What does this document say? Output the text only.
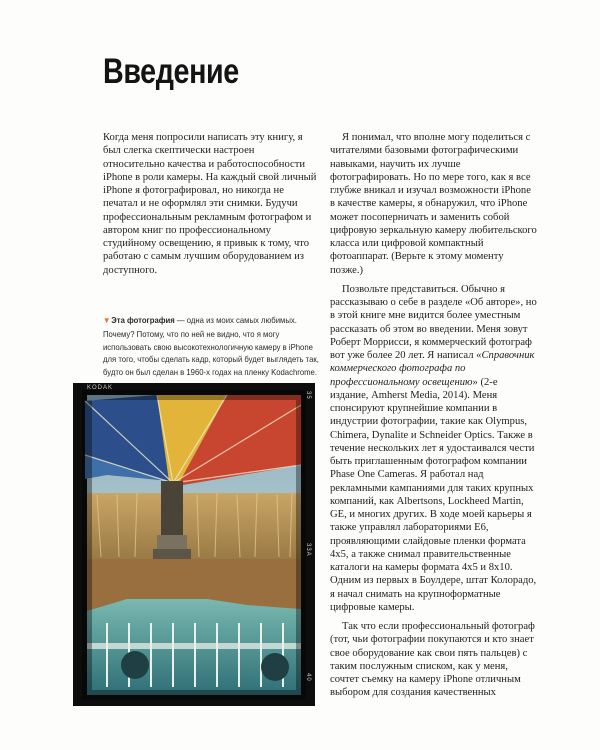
Введение

Когда меня попросили написать эту книгу, я был слегка скептически настроен относительно качества и работоспособности iPhone в роли камеры. На каждый свой личный iPhone я фотографировал, но никогда не печатал и не оформлял эти снимки. Будучи профессиональным рекламным фотографом и автором книг по профессиональному студийному освещению, я привык к тому, что работаю с самым лучшим оборудованием из доступного.

▼Эта фотография — одна из моих самых любимых. Почему? Потому, что по ней не видно, что я могу использовать свою высокотехнологичную камеру в iPhone для того, чтобы сделать кадр, который будет выглядеть так, будто он был сделан в 1960-х годах на пленку Kodachrome.
KODAK
35
33A
40

Я понимал, что вполне могу поделиться с читателями базовыми фотографическими навыками, научить их лучше фотографировать. Но по мере того, как я все глубже вникал и изучал возможности iPhone в качестве камеры, я обнаружил, что iPhone может посоперничать и заменить собой цифровую зеркальную камеру любительского класса или цифровой компактный фотоаппарат. (Верьте к этому моменту позже.)

Позвольте представиться. Обычно я рассказываю о себе в разделе «Об авторе», но в этой книге мне видится более уместным рассказать об этом во введении. Меня зовут Роберт Моррисси, я коммерческий фотограф вот уже более 20 лет. Я написал «Справочник коммерческого фотографа по профессиональному освещению» (2-е издание, Amherst Media, 2014). Меня спонсируют крупнейшие компании в индустрии фотографии, такие как Olympus, Chimera, Dynalite и Schneider Optics. Также в течение нескольких лет я удостаивался чести быть приглашенным фотографом компании Phase One Cameras. Я работал над рекламными кампаниями для таких крупных компаний, как Albertsons, Lockheed Martin, GE, и многих других. В ходе моей карьеры я также управлял лабораториями E6, проявляющими слайдовые пленки формата 4x5, а также снимал правительственные каталоги на камеры формата 4x5 и 8x10. Одним из первых в Боулдере, штат Колорадо, я начал снимать на крупноформатные цифровые камеры.

Так что если профессиональный фотограф (тот, чьи фотографии покупаются и кто знает свое оборудование как свои пять пальцев) с таким послужным списком, как у меня, сочтет съемку на камеру iPhone отличным выбором для создания качественных
